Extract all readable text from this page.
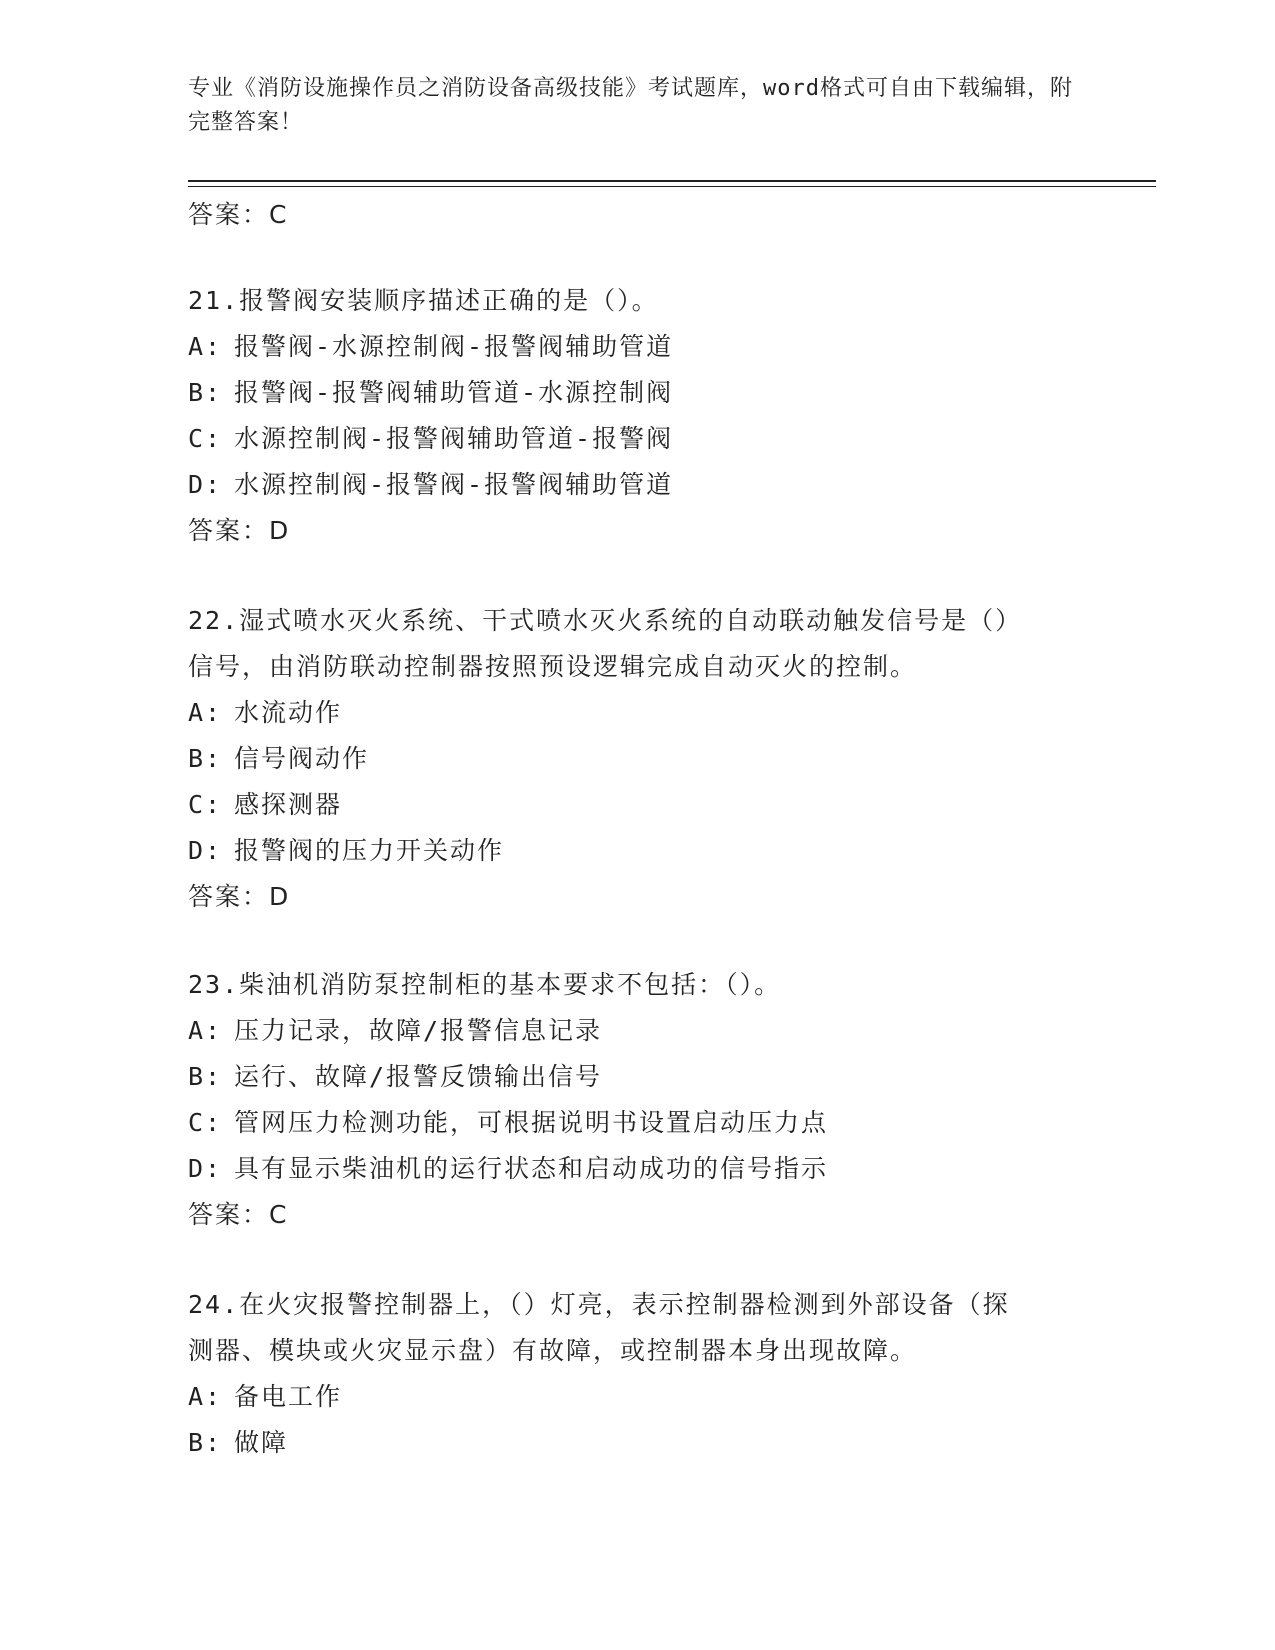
专业《消防设施操作员之消防设备高级技能》考试题库，word格式可自由下载编辑，附完整答案！
答案：C
21.报警阀安装顺序描述正确的是（）。
A: 报警阀-水源控制阀-报警阀辅助管道
B: 报警阀-报警阀辅助管道-水源控制阀
C: 水源控制阀-报警阀辅助管道-报警阀
D: 水源控制阀-报警阀-报警阀辅助管道
答案：D
22.湿式喷水灭火系统、干式喷水灭火系统的自动联动触发信号是（）
信号，由消防联动控制器按照预设逻辑完成自动灭火的控制。
A: 水流动作
B: 信号阀动作
C: 感探测器
D: 报警阀的压力开关动作
答案：D
23.柴油机消防泵控制柜的基本要求不包括：（）。
A: 压力记录，故障/报警信息记录
B: 运行、故障/报警反馈输出信号
C: 管网压力检测功能，可根据说明书设置启动压力点
D: 具有显示柴油机的运行状态和启动成功的信号指示
答案：C
24.在火灾报警控制器上，（）灯亮，表示控制器检测到外部设备（探
测器、模块或火灾显示盘）有故障，或控制器本身出现故障。
A: 备电工作
B: 做障
